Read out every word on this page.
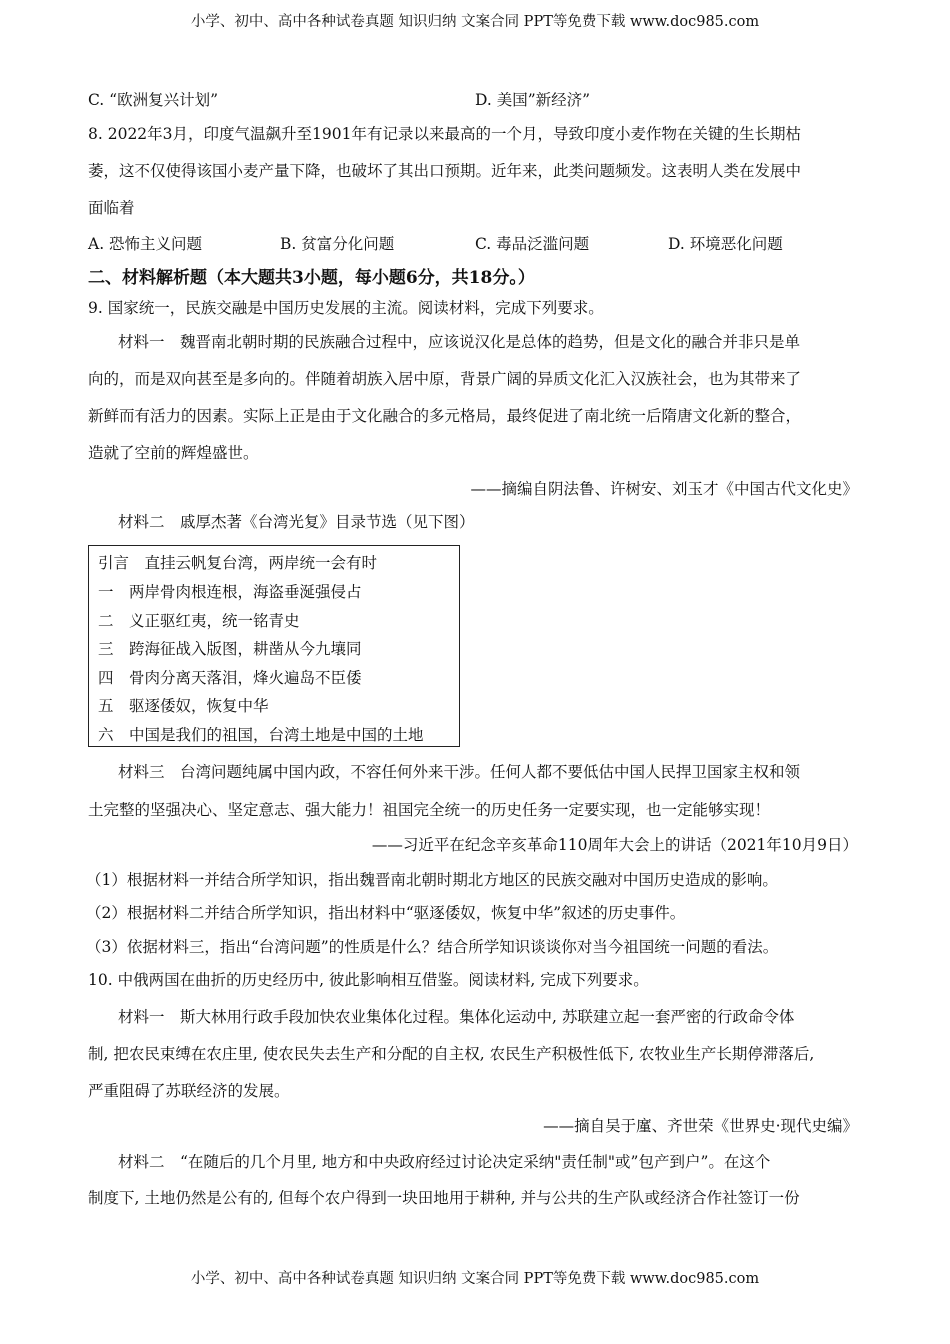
小学、初中、高中各种试卷真题 知识归纳 文案合同 PPT等免费下载 www.doc985.com
C. “欧洲复兴计划”	D. 美国”新经济”
8. 2022年3月，印度气温飙升至1901年有记录以来最高的一个月，导致印度小麦作物在关键的生长期枯
萎，这不仅使得该国小麦产量下降，也破坏了其出口预期。近年来，此类问题频发。这表明人类在发展中
面临着
A. 恐怖主义问题	B. 贫富分化问题	C. 毒品泛滥问题	D. 环境恶化问题
二、材料解析题（本大题共3小题，每小题6分，共18分。）
9. 国家统一，民族交融是中国历史发展的主流。阅读材料，完成下列要求。
材料一　魏晋南北朝时期的民族融合过程中，应该说汉化是总体的趋势，但是文化的融合并非只是单
向的，而是双向甚至是多向的。伴随着胡族入居中原，背景广阔的异质文化汇入汉族社会，也为其带来了
新鲜而有活力的因素。实际上正是由于文化融合的多元格局，最终促进了南北统一后隋唐文化新的整合，
造就了空前的辉煌盛世。
——摘编自阴法鲁、许树安、刘玉才《中国古代文化史》
材料二　戚厚杰著《台湾光复》目录节选（见下图）
引言　直挂云帆复台湾，两岸统一会有时
一　两岸骨肉根连根，海盗垂涎强侵占
二　义正驱红夷，统一铭青史
三　跨海征战入版图，耕凿从今九壤同
四　骨肉分离天落泪，烽火遍岛不臣倭
五　驱逐倭奴，恢复中华
六　中国是我们的祖国，台湾土地是中国的土地
材料三　台湾问题纯属中国内政，不容任何外来干涉。任何人都不要低估中国人民捍卫国家主权和领
土完整的坚强决心、坚定意志、强大能力！祖国完全统一的历史任务一定要实现，也一定能够实现！
——习近平在纪念辛亥革命110周年大会上的讲话（2021年10月9日）
（1）根据材料一并结合所学知识，指出魏晋南北朝时期北方地区的民族交融对中国历史造成的影响。
（2）根据材料二并结合所学知识，指出材料中“驱逐倭奴，恢复中华”叙述的历史事件。
（3）依据材料三，指出“台湾问题”的性质是什么？结合所学知识谈谈你对当今祖国统一问题的看法。
10. 中俄两国在曲折的历史经历中, 彼此影响相互借鉴。阅读材料, 完成下列要求。
材料一　斯大林用行政手段加快农业集体化过程。集体化运动中, 苏联建立起一套严密的行政命令体
制, 把农民束缚在农庄里, 使农民失去生产和分配的自主权, 农民生产积极性低下, 农牧业生产长期停滞落后,
严重阻碍了苏联经济的发展。
——摘自吴于廑、齐世荣《世界史·现代史编》
材料二　“在随后的几个月里, 地方和中央政府经过讨论决定采纳"责任制"或”包产到户”。在这个
制度下, 土地仍然是公有的, 但每个农户得到一块田地用于耕种, 并与公共的生产队或经济合作社签订一份
小学、初中、高中各种试卷真题 知识归纳 文案合同 PPT等免费下载 www.doc985.com
